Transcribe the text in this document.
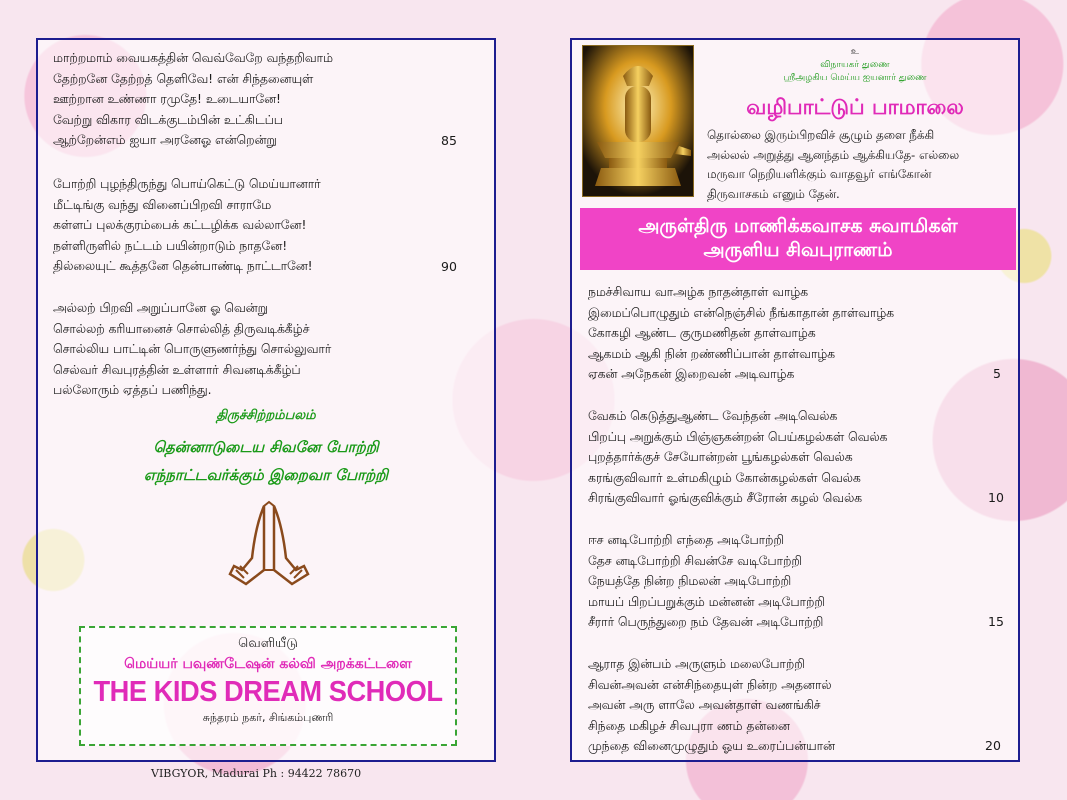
மாற்றமாம் வையகத்தின் வெவ்வேறே வந்தறிவாம்
தேற்றனே தேற்றத் தெளிவே! என் சிந்தனையுள்
ஊற்றான உண்ணா ரமுதே! உடையானே!
வேற்று விகார விடக்குடம்பின் உட்கிடப்ப
ஆற்றேன்எம் ஐயா அரனேஓ என்றென்று	85
போற்றி புழந்திருந்து பொய்கெட்டு மெய்யானார்
மீட்டிங்கு வந்து வினைப்பிறவி சாராமே
கள்ளப் புலக்குரம்பைக் கட்டழிக்க வல்லானே!
நள்ளிருளில் நட்டம் பயின்றாடும் நாதனே!
தில்லையுட் கூத்தனே தென்பாண்டி நாட்டானே!	90
அல்லற் பிறவி அறுப்பானே ஓ வென்று
சொல்லற் கரியானைச் சொல்லித் திருவடிக்கீழ்ச்
சொல்லிய பாட்டின் பொருளுணர்ந்து சொல்லுவார்
செல்வர் சிவபுரத்தின் உள்ளார் சிவனடிக்கீழ்ப்
பல்லோரும் ஏத்தப் பணிந்து.
திருச்சிற்றம்பலம்
தென்னாடுடைய சிவனே போற்றி
எந்நாட்டவர்க்கும் இறைவா போற்றி
வெளியீடு
மெய்யர் பவுண்டேஷன் கல்வி அறக்கட்டளை
THE KIDS DREAM SCHOOL
சுந்தரம் நகர், சிங்கம்புணரி
VIBGYOR, Madurai Ph : 94422 78670
உ
விநாயகர் துணை
ஸ்ரீஅழகிய மெய்ய ஐயனார் துணை
வழிபாட்டுப் பாமாலை
தொல்லை இரும்பிறவிச் சூழும் தளை நீக்கி
அல்லல் அறுத்து ஆனந்தம் ஆக்கியதே- எல்லை
மருவா நெறியளிக்கும் வாதவூர் எங்கோன்
திருவாசகம் எனும் தேன்.
அருள்திரு மாணிக்கவாசக சுவாமிகள்
அருளிய சிவபுராணம்
நமச்சிவாய வாஅழ்க நாதன்தாள் வாழ்க
இமைப்பொழுதும் என்நெஞ்சில் நீங்காதான் தாள்வாழ்க
கோகழி ஆண்ட குருமணிதன் தாள்வாழ்க
ஆகமம் ஆகி நின் றண்ணிப்பான் தாள்வாழ்க
ஏகன் அநேகன் இறைவன் அடிவாழ்க	5
வேகம் கெடுத்துஆண்ட வேந்தன் அடிவெல்க
பிறப்பு அறுக்கும் பிஞ்ஞகன்றன் பெய்கழல்கள் வெல்க
புறத்தார்க்குச் சேயோன்றன் பூங்கழல்கள் வெல்க
கரங்குவிவார் உள்மகிழும் கோன்கழல்கள் வெல்க
சிரங்குவிவார் ஓங்குவிக்கும் சீரோன் கழல் வெல்க	10
ஈச னடிபோற்றி எந்தை அடிபோற்றி
தேச னடிபோற்றி சிவன்சே வடிபோற்றி
நேயத்தே நின்ற நிமலன் அடிபோற்றி
மாயப் பிறப்பறுக்கும் மன்னன் அடிபோற்றி
சீரார் பெருந்துறை நம் தேவன் அடிபோற்றி	15
ஆராத இன்பம் அருளும் மலைபோற்றி
சிவன்அவன் என்சிந்தையுள் நின்ற அதனால்
அவன் அரு ளாலே அவன்தாள் வணங்கிச்
சிந்தை மகிழச் சிவபுரா ணம் தன்னை
முந்தை வினைமுழுதும் ஓய உரைப்பன்யான்	20
